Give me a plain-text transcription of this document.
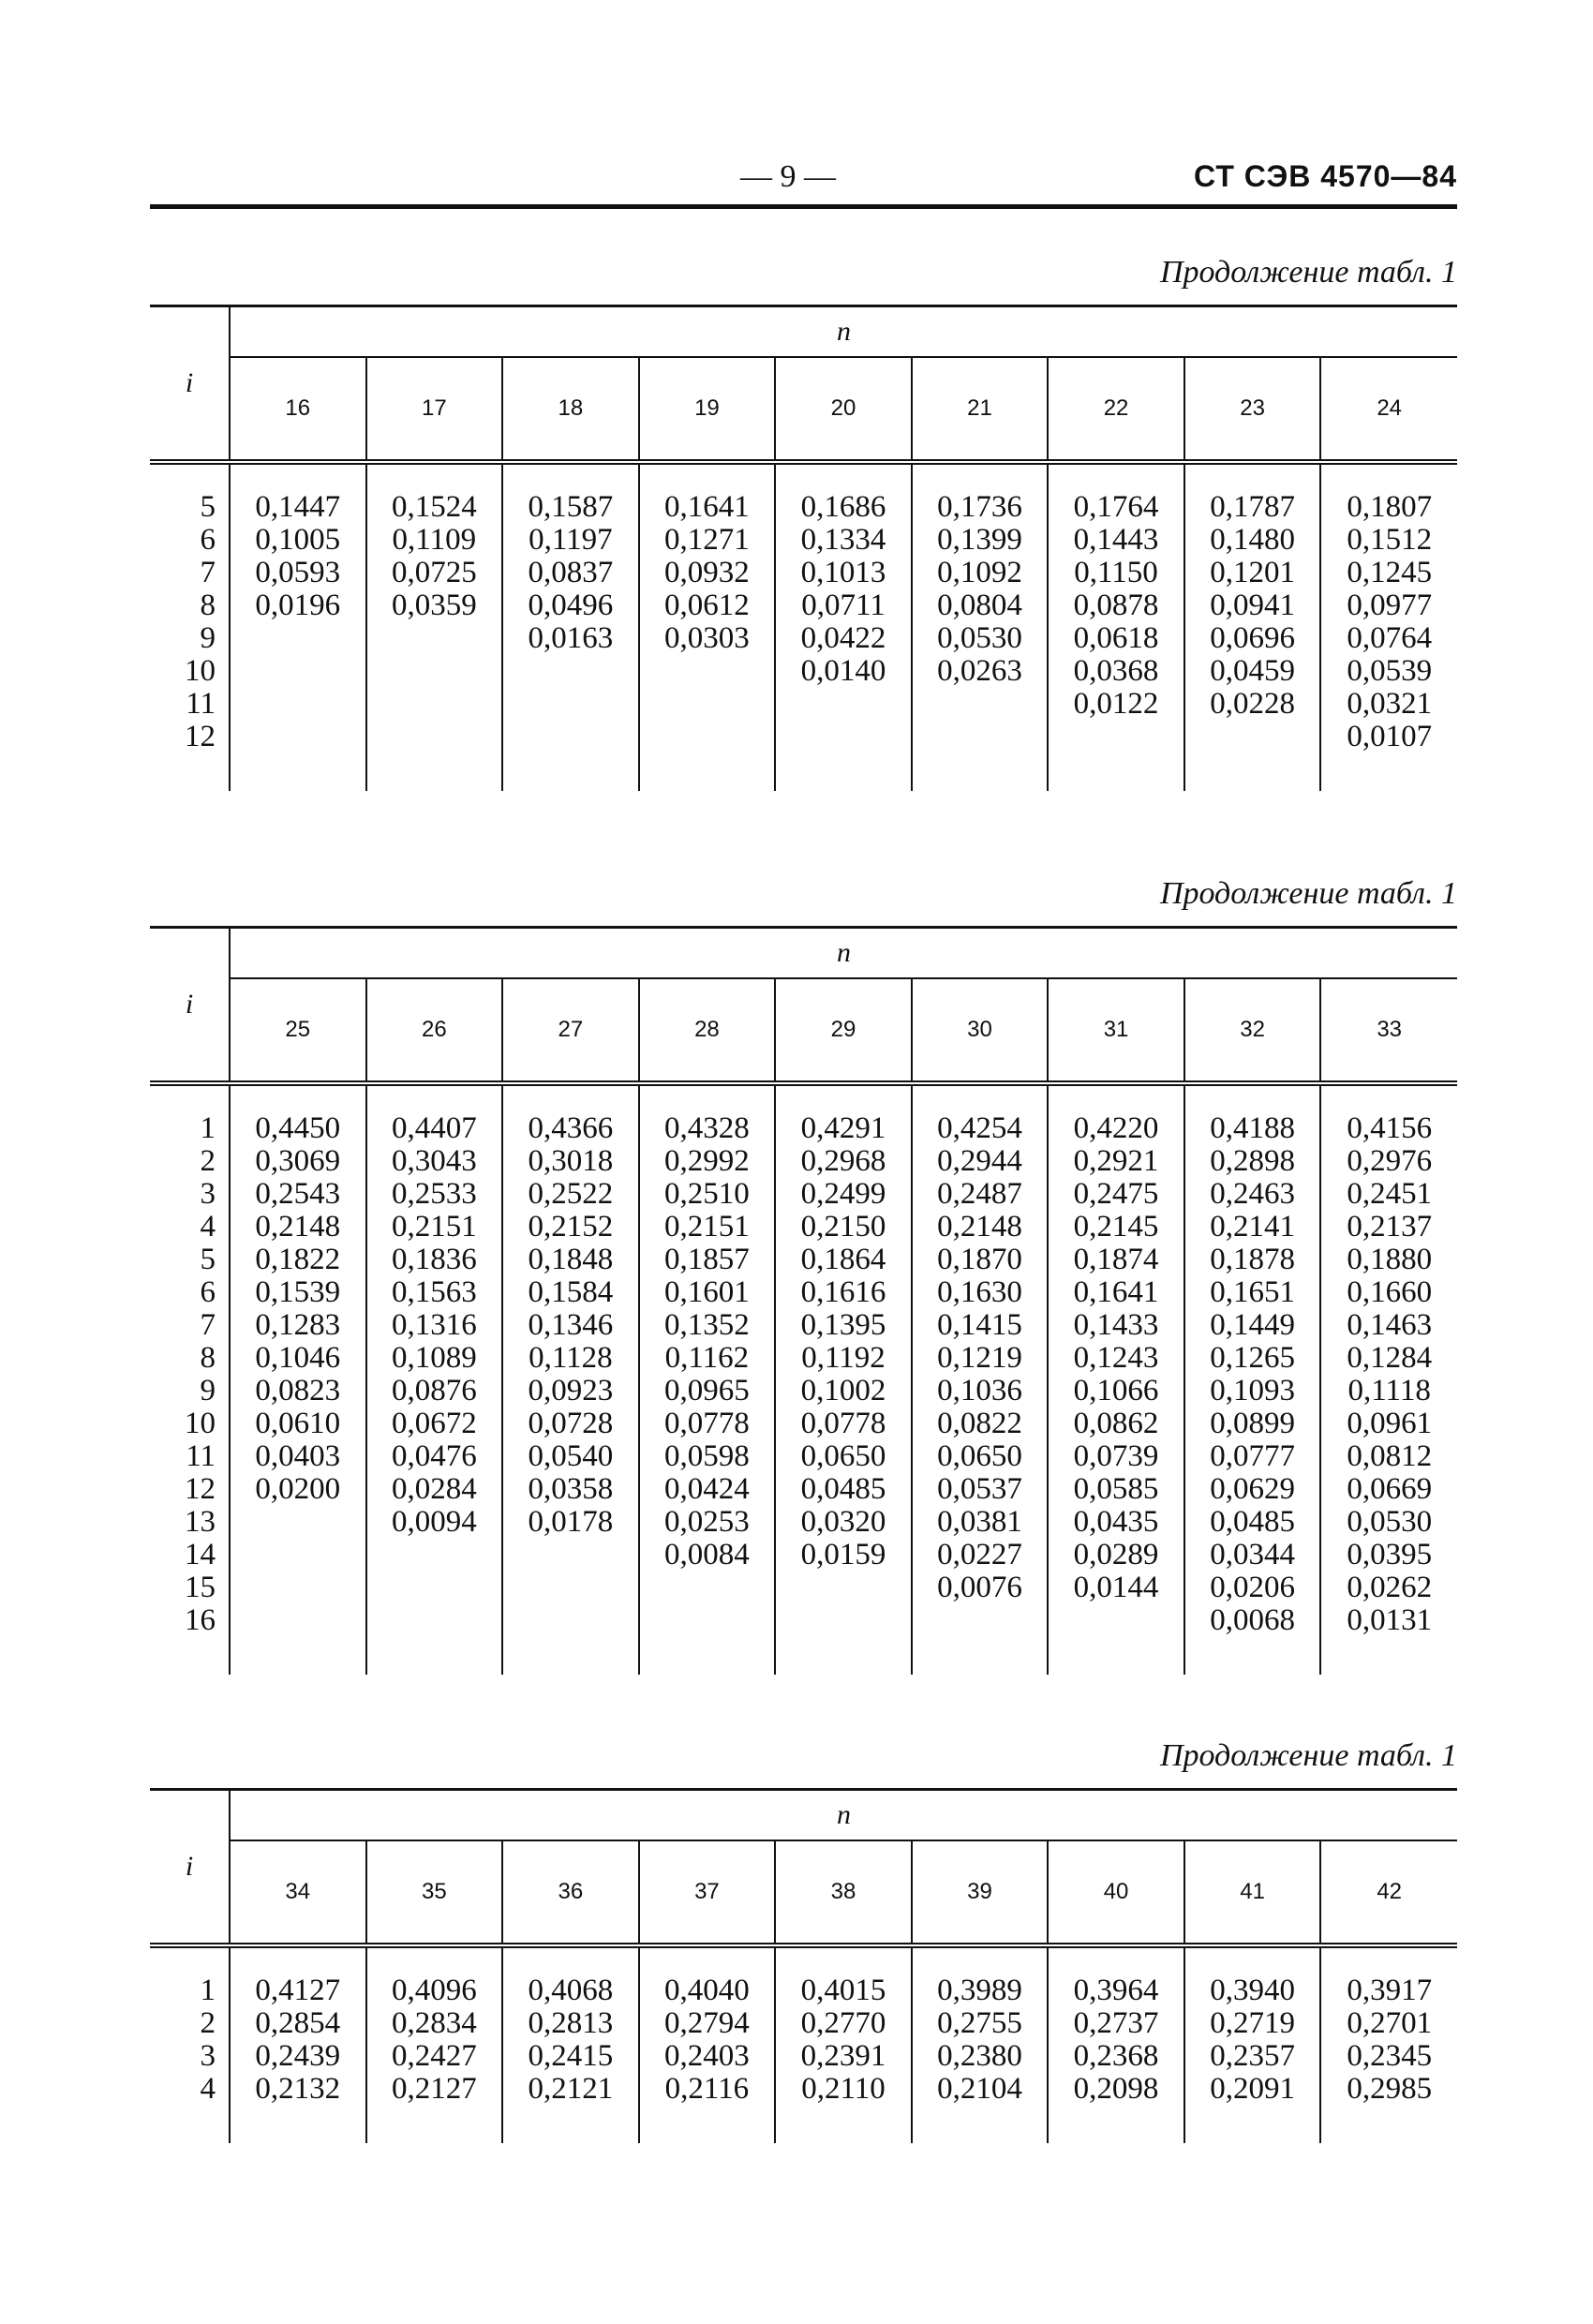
— 9 —	СТ СЭВ 4570—84
Продолжение табл. 1
i	n								
	16	17	18	19	20	21	22	23	24
5	0,1447	0,1524	0,1587	0,1641	0,1686	0,1736	0,1764	0,1787	0,1807
6	0,1005	0,1109	0,1197	0,1271	0,1334	0,1399	0,1443	0,1480	0,1512
7	0,0593	0,0725	0,0837	0,0932	0,1013	0,1092	0,1150	0,1201	0,1245
8	0,0196	0,0359	0,0496	0,0612	0,0711	0,0804	0,0878	0,0941	0,0977
9			0,0163	0,0303	0,0422	0,0530	0,0618	0,0696	0,0764
10					0,0140	0,0263	0,0368	0,0459	0,0539
11							0,0122	0,0228	0,0321
12									0,0107
Продолжение табл. 1
i	n								
	25	26	27	28	29	30	31	32	33
1	0,4450	0,4407	0,4366	0,4328	0,4291	0,4254	0,4220	0,4188	0,4156
2	0,3069	0,3043	0,3018	0,2992	0,2968	0,2944	0,2921	0,2898	0,2976
3	0,2543	0,2533	0,2522	0,2510	0,2499	0,2487	0,2475	0,2463	0,2451
4	0,2148	0,2151	0,2152	0,2151	0,2150	0,2148	0,2145	0,2141	0,2137
5	0,1822	0,1836	0,1848	0,1857	0,1864	0,1870	0,1874	0,1878	0,1880
6	0,1539	0,1563	0,1584	0,1601	0,1616	0,1630	0,1641	0,1651	0,1660
7	0,1283	0,1316	0,1346	0,1352	0,1395	0,1415	0,1433	0,1449	0,1463
8	0,1046	0,1089	0,1128	0,1162	0,1192	0,1219	0,1243	0,1265	0,1284
9	0,0823	0,0876	0,0923	0,0965	0,1002	0,1036	0,1066	0,1093	0,1118
10	0,0610	0,0672	0,0728	0,0778	0,0778	0,0822	0,0862	0,0899	0,0961
11	0,0403	0,0476	0,0540	0,0598	0,0650	0,0650	0,0739	0,0777	0,0812
12	0,0200	0,0284	0,0358	0,0424	0,0485	0,0537	0,0585	0,0629	0,0669
13		0,0094	0,0178	0,0253	0,0320	0,0381	0,0435	0,0485	0,0530
14				0,0084	0,0159	0,0227	0,0289	0,0344	0,0395
15						0,0076	0,0144	0,0206	0,0262
16								0,0068	0,0131
Продолжение табл. 1
i	n								
	34	35	36	37	38	39	40	41	42
1	0,4127	0,4096	0,4068	0,4040	0,4015	0,3989	0,3964	0,3940	0,3917
2	0,2854	0,2834	0,2813	0,2794	0,2770	0,2755	0,2737	0,2719	0,2701
3	0,2439	0,2427	0,2415	0,2403	0,2391	0,2380	0,2368	0,2357	0,2345
4	0,2132	0,2127	0,2121	0,2116	0,2110	0,2104	0,2098	0,2091	0,2985
